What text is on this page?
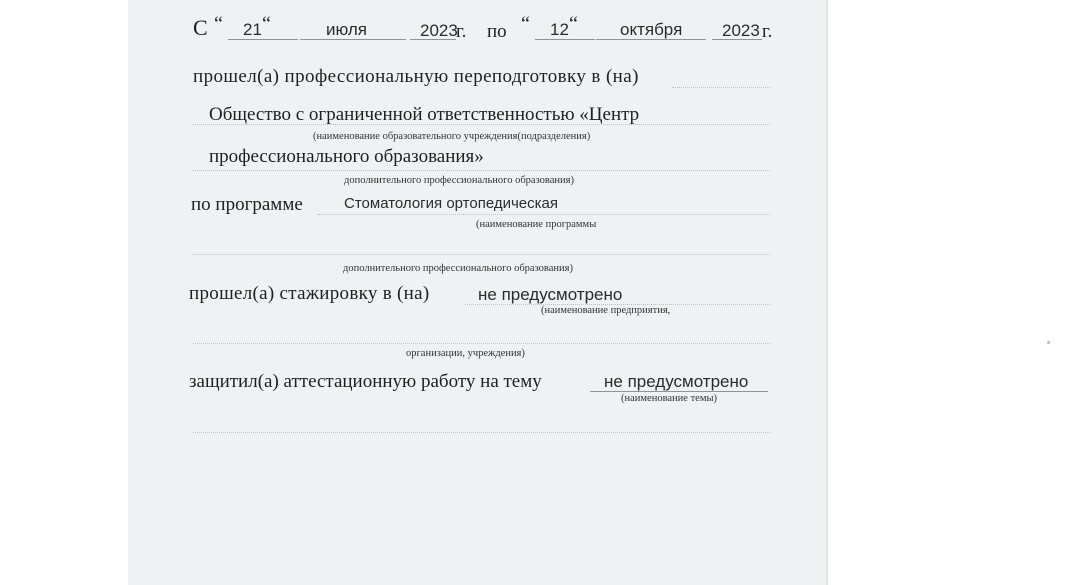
С “ 21 “	июля	2023
г. по “ 12 “ октября 2023 г.
прошел(а) профессиональную переподготовку в (на)
Общество с ограниченной ответственностью «Центр
(наименование образовательного учреждения(подразделения)
профессионального образования»
дополнительного профессионального образования)
по программе	Стоматология ортопедическая
(наименование программы
дополнительного профессионального образования)
прошел(а) стажировку в (на)	не предусмотрено
(наименование предприятия,
организации, учреждения)
защитил(а) аттестационную работу на тему	не предусмотрено
(наименование темы)
